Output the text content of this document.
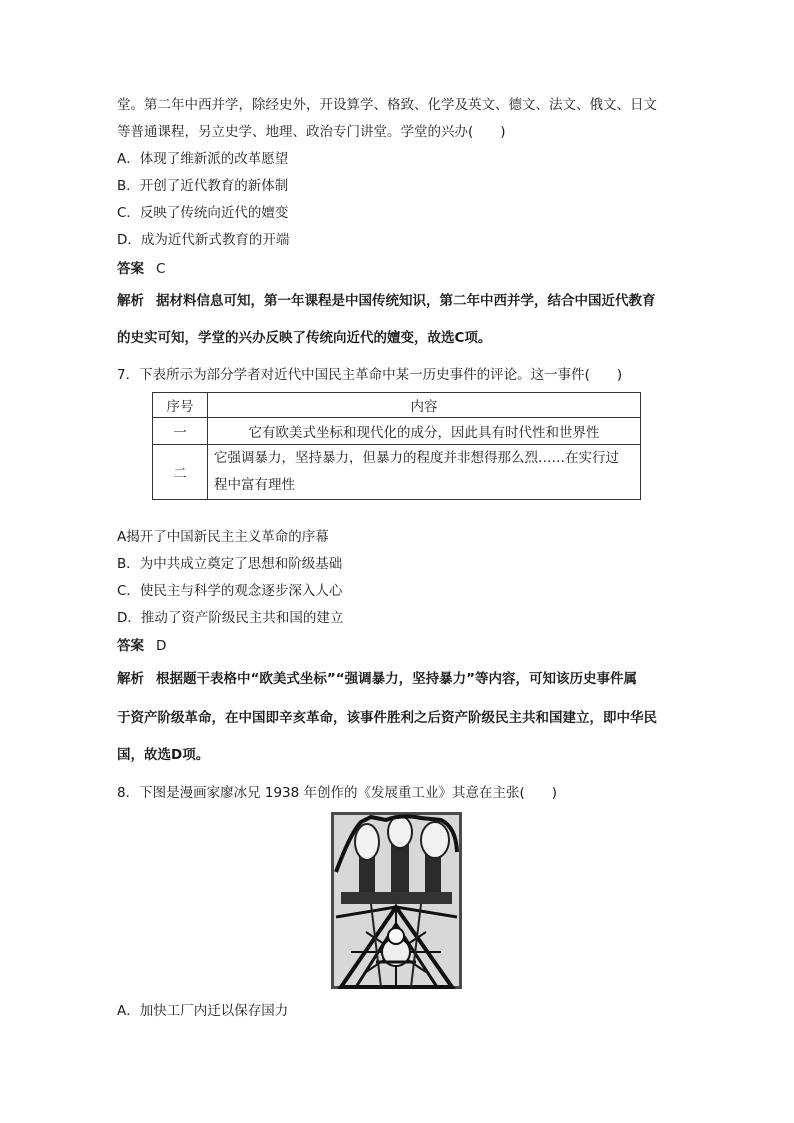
堂。第二年中西并学，除经史外，开设算学、格致、化学及英文、德文、法文、俄文、日文
等普通课程，另立史学、地理、政治专门讲堂。学堂的兴办(　　)
A．体现了维新派的改革愿望
B．开创了近代教育的新体制
C．反映了传统向近代的嬗变
D．成为近代新式教育的开端
答案 C
解析 据材料信息可知，第一年课程是中国传统知识，第二年中西并学，结合中国近代教育
的史实可知，学堂的兴办反映了传统向近代的嬗变，故选C项。
7．下表所示为部分学者对近代中国民主革命中某一历史事件的评论。这一事件(　　)
序号	内容
一	它有欧美式坐标和现代化的成分，因此具有时代性和世界性
二	它强调暴力，坚持暴力，但暴力的程度并非想得那么烈……在实行过
程中富有理性
A揭开了中国新民主主义革命的序幕
B．为中共成立奠定了思想和阶级基础
C．使民主与科学的观念逐步深入人心
D．推动了资产阶级民主共和国的建立
答案 D
解析 根据题干表格中“欧美式坐标”“强调暴力，坚持暴力”等内容，可知该历史事件属
于资产阶级革命，在中国即辛亥革命，该事件胜利之后资产阶级民主共和国建立，即中华民
国，故选D项。
8．下图是漫画家廖冰兄 1938 年创作的《发展重工业》其意在主张(　　)
A．加快工厂内迁以保存国力
